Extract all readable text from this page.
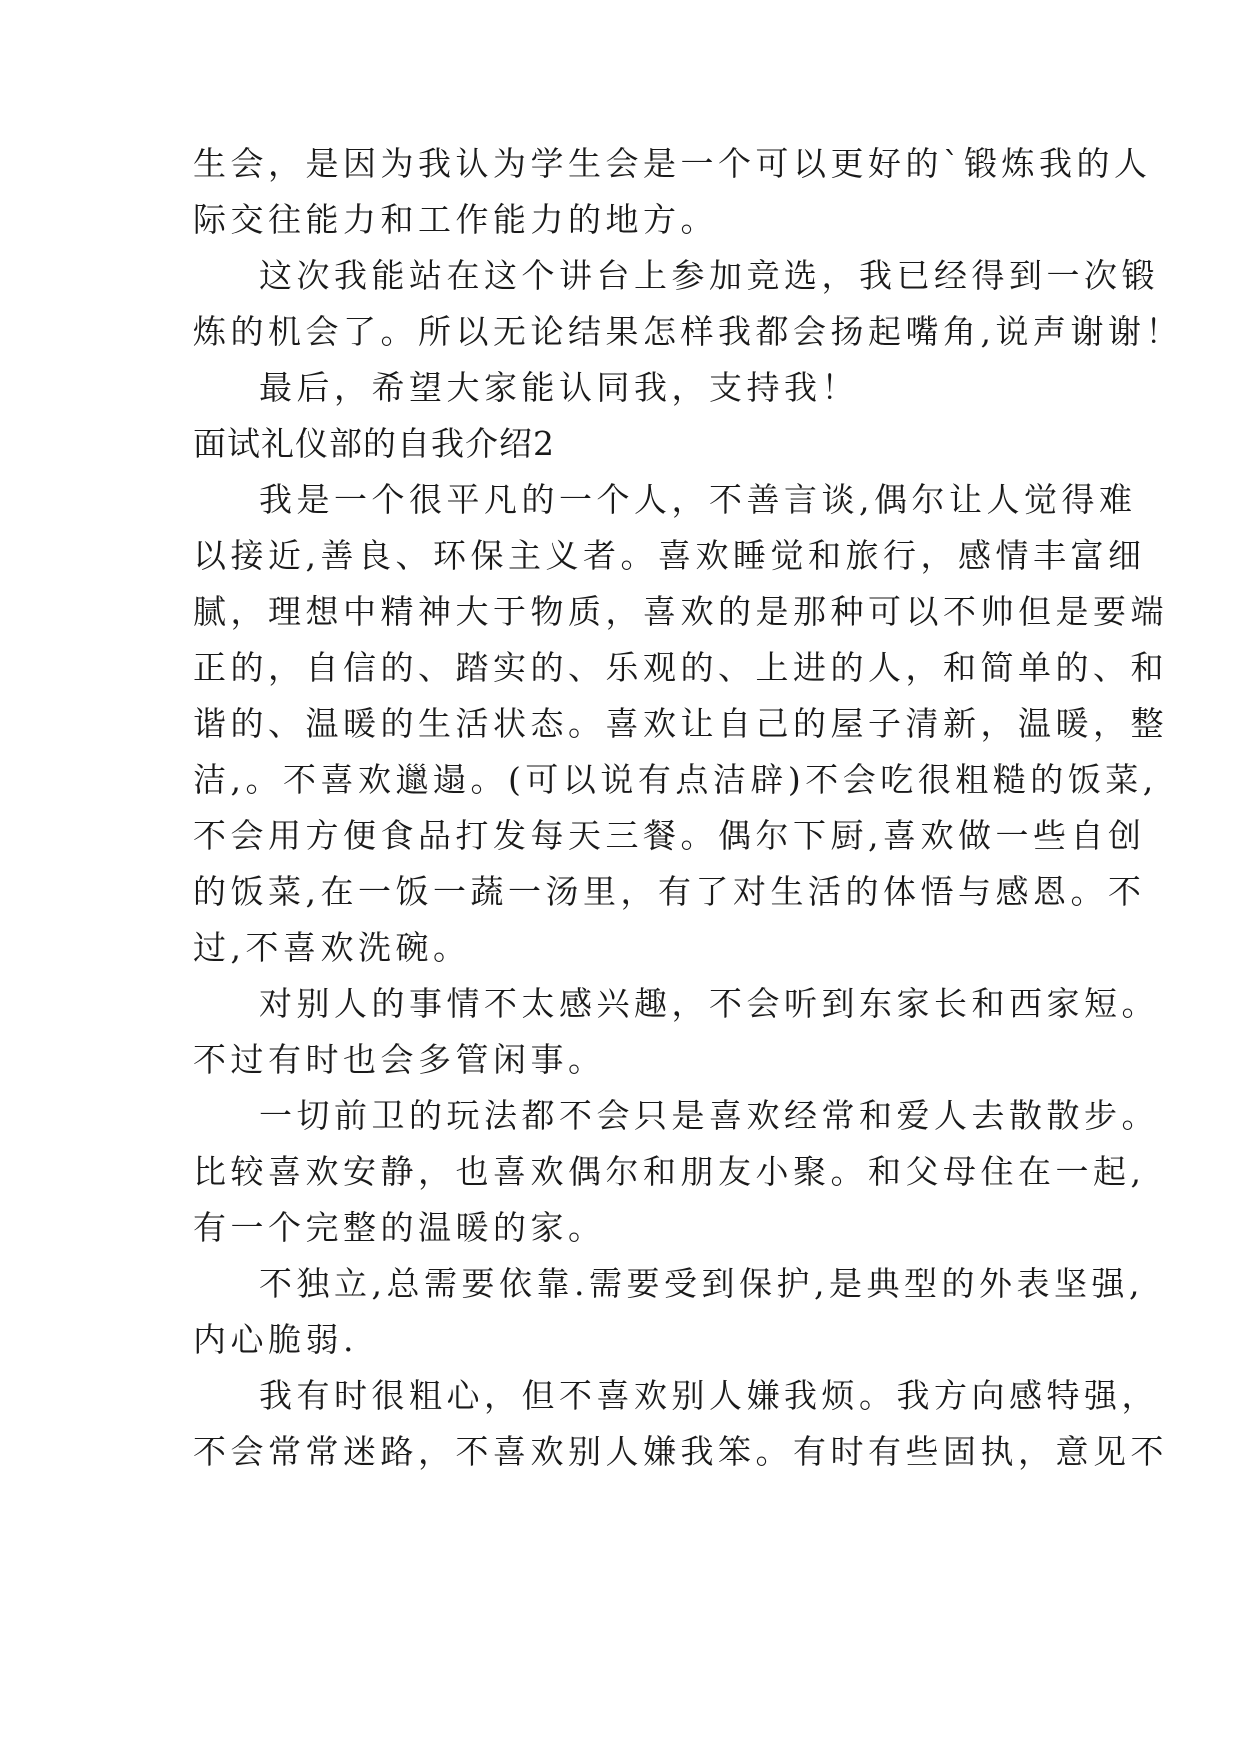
生会，是因为我认为学生会是一个可以更好的`锻炼我的人
际交往能力和工作能力的地方。
这次我能站在这个讲台上参加竞选，我已经得到一次锻
炼的机会了。所以无论结果怎样我都会扬起嘴角,说声谢谢！
最后，希望大家能认同我，支持我！
面试礼仪部的自我介绍2
我是一个很平凡的一个人，不善言谈,偶尔让人觉得难
以接近,善良、环保主义者。喜欢睡觉和旅行，感情丰富细
腻，理想中精神大于物质，喜欢的是那种可以不帅但是要端
正的，自信的、踏实的、乐观的、上进的人，和简单的、和
谐的、温暖的生活状态。喜欢让自己的屋子清新，温暖，整
洁,。不喜欢邋遢。(可以说有点洁辟)不会吃很粗糙的饭菜,
不会用方便食品打发每天三餐。偶尔下厨,喜欢做一些自创
的饭菜,在一饭一蔬一汤里，有了对生活的体悟与感恩。不
过,不喜欢洗碗。
对别人的事情不太感兴趣，不会听到东家长和西家短。
不过有时也会多管闲事。
一切前卫的玩法都不会只是喜欢经常和爱人去散散步。
比较喜欢安静，也喜欢偶尔和朋友小聚。和父母住在一起,
有一个完整的温暖的家。
不独立,总需要依靠.需要受到保护,是典型的外表坚强,
内心脆弱.
我有时很粗心，但不喜欢别人嫌我烦。我方向感特强，
不会常常迷路，不喜欢别人嫌我笨。有时有些固执，意见不
